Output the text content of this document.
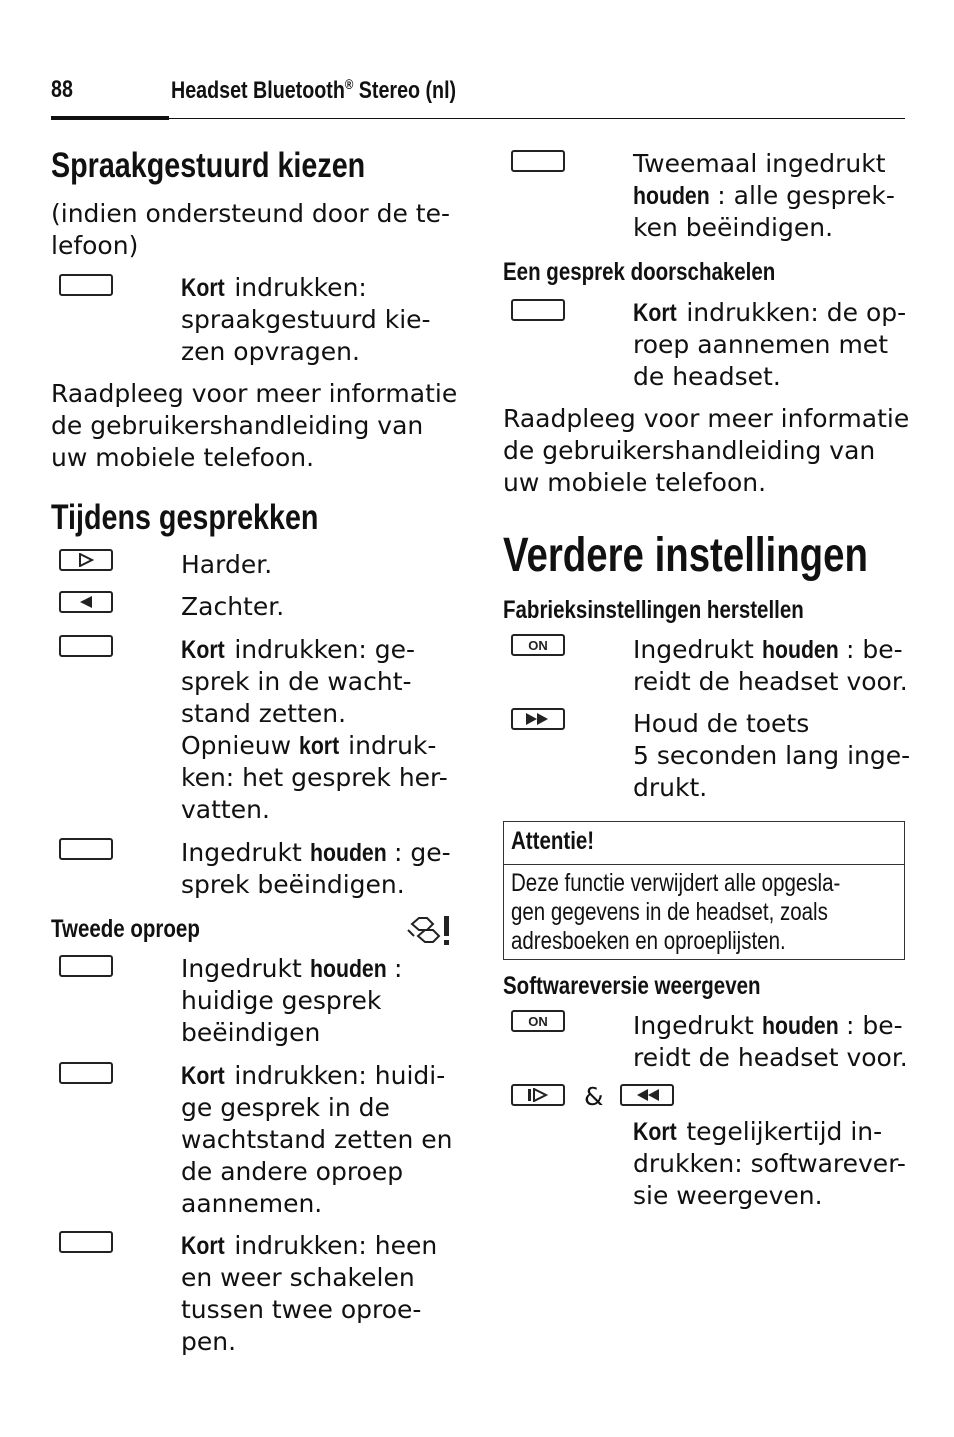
88	Headset Bluetooth® Stereo (nl)
Spraakgestuurd kiezen
(indien ondersteund door de te-
lefoon)
Kort indrukken:
spraakgestuurd kie-
zen opvragen.
Raadpleeg voor meer informatie
de gebruikershandleiding van
uw mobiele telefoon.
Tijdens gesprekken
Harder.
Zachter.
Kort indrukken: ge-
sprek in de wacht-
stand zetten.
Opnieuw kort indruk-
ken: het gesprek her-
vatten.
Ingedrukt houden : ge-
sprek beëindigen.
Tweede oproep
Ingedrukt houden :
huidige gesprek
beëindigen
Kort indrukken: huidi-
ge gesprek in de
wachtstand zetten en
de andere oproep
aannemen.
Kort indrukken: heen
en weer schakelen
tussen twee oproe-
pen.
Tweemaal ingedrukt
houden : alle gesprek-
ken beëindigen.
Een gesprek doorschakelen
Kort indrukken: de op-
roep aannemen met
de headset.
Raadpleeg voor meer informatie
de gebruikershandleiding van
uw mobiele telefoon.
Verdere instellingen
Fabrieksinstellingen herstellen
ON	Ingedrukt houden : be-
reidt de headset voor.
Houd de toets
5 seconden lang inge-
drukt.
Attentie!
Deze functie verwijdert alle opgesla-
gen gegevens in de headset, zoals
adresboeken en oproeplijsten.
Softwareversie weergeven
ON	Ingedrukt houden : be-
reidt de headset voor.
&
Kort tegelijkertijd in-
drukken: softwarever-
sie weergeven.
